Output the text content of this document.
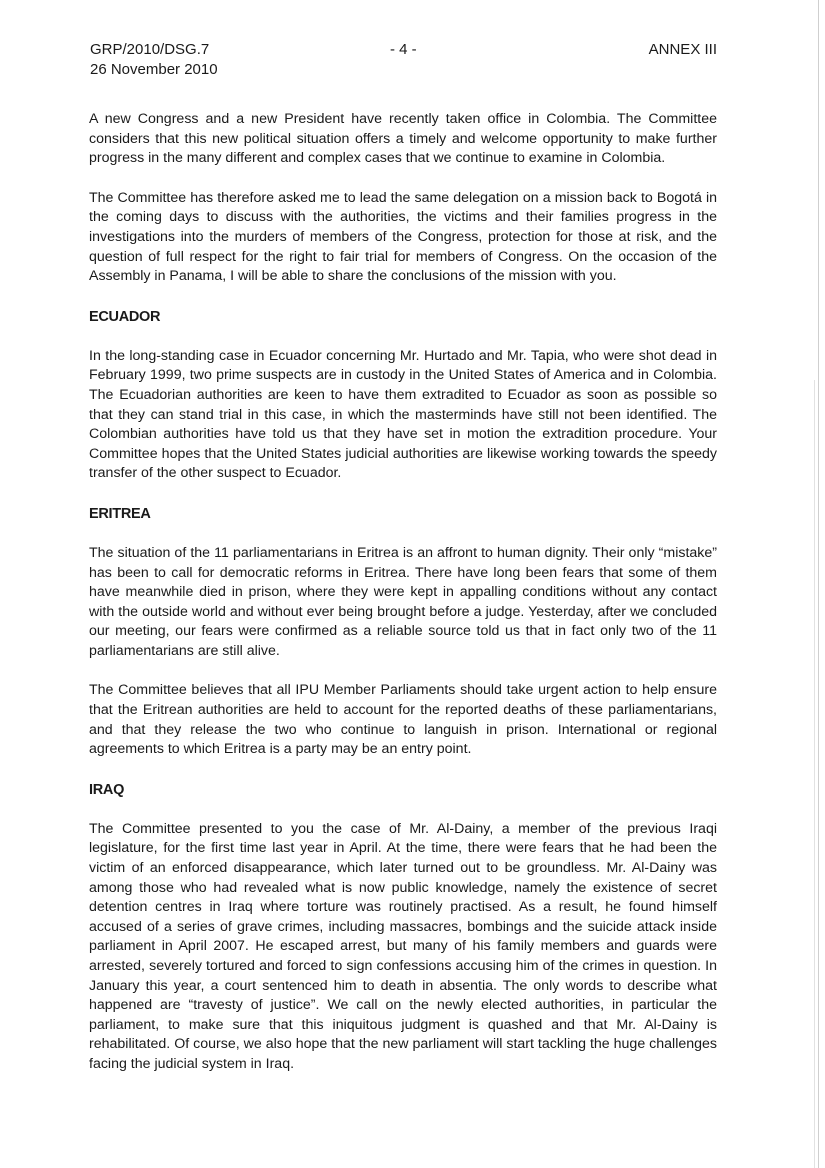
GRP/2010/DSG.7
26 November 2010
- 4 -	ANNEX III

A new Congress and a new President have recently taken office in Colombia. The Committee considers that this new political situation offers a timely and welcome opportunity to make further progress in the many different and complex cases that we continue to examine in Colombia.

The Committee has therefore asked me to lead the same delegation on a mission back to Bogotá in the coming days to discuss with the authorities, the victims and their families progress in the investigations into the murders of members of the Congress, protection for those at risk, and the question of full respect for the right to fair trial for members of Congress. On the occasion of the Assembly in Panama, I will be able to share the conclusions of the mission with you.

ECUADOR

In the long-standing case in Ecuador concerning Mr. Hurtado and Mr. Tapia, who were shot dead in February 1999, two prime suspects are in custody in the United States of America and in Colombia. The Ecuadorian authorities are keen to have them extradited to Ecuador as soon as possible so that they can stand trial in this case, in which the masterminds have still not been identified. The Colombian authorities have told us that they have set in motion the extradition procedure. Your Committee hopes that the United States judicial authorities are likewise working towards the speedy transfer of the other suspect to Ecuador.

ERITREA

The situation of the 11 parliamentarians in Eritrea is an affront to human dignity. Their only “mistake” has been to call for democratic reforms in Eritrea. There have long been fears that some of them have meanwhile died in prison, where they were kept in appalling conditions without any contact with the outside world and without ever being brought before a judge. Yesterday, after we concluded our meeting, our fears were confirmed as a reliable source told us that in fact only two of the 11 parliamentarians are still alive.

The Committee believes that all IPU Member Parliaments should take urgent action to help ensure that the Eritrean authorities are held to account for the reported deaths of these parliamentarians, and that they release the two who continue to languish in prison. International or regional agreements to which Eritrea is a party may be an entry point.

IRAQ

The Committee presented to you the case of Mr. Al-Dainy, a member of the previous Iraqi legislature, for the first time last year in April. At the time, there were fears that he had been the victim of an enforced disappearance, which later turned out to be groundless. Mr. Al-Dainy was among those who had revealed what is now public knowledge, namely the existence of secret detention centres in Iraq where torture was routinely practised. As a result, he found himself accused of a series of grave crimes, including massacres, bombings and the suicide attack inside parliament in April 2007. He escaped arrest, but many of his family members and guards were arrested, severely tortured and forced to sign confessions accusing him of the crimes in question. In January this year, a court sentenced him to death in absentia. The only words to describe what happened are “travesty of justice”. We call on the newly elected authorities, in particular the parliament, to make sure that this iniquitous judgment is quashed and that Mr. Al-Dainy is rehabilitated. Of course, we also hope that the new parliament will start tackling the huge challenges facing the judicial system in Iraq.
